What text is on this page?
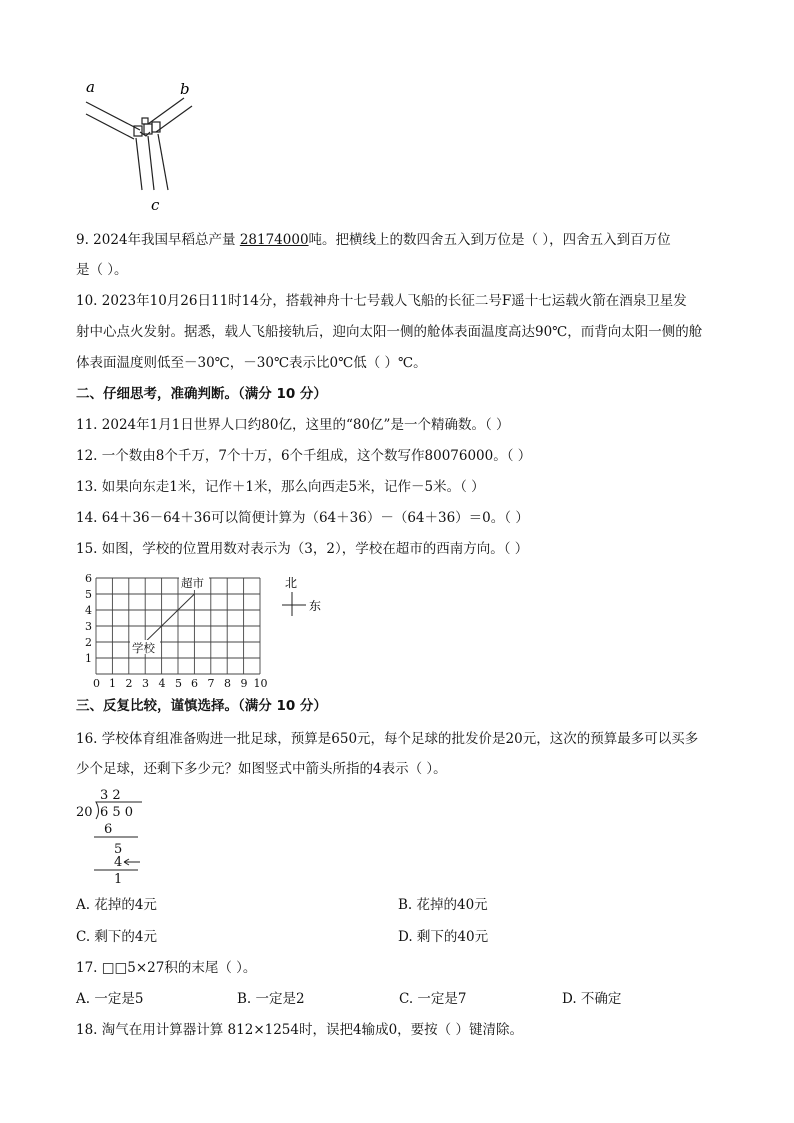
a	b
c
9. 2024年我国早稻总产量 28174000吨。把横线上的数四舍五入到万位是（ ），四舍五入到百万位
是（ ）。
10. 2023年10月26日11时14分，搭载神舟十七号载人飞船的长征二号F遥十七运载火箭在酒泉卫星发
射中心点火发射。据悉，载人飞船接轨后，迎向太阳一侧的舱体表面温度高达90℃，而背向太阳一侧的舱
体表面温度则低至－30℃，－30℃表示比0℃低（ ）℃。
二、仔细思考，准确判断。（满分 10 分）
11. 2024年1月1日世界人口约80亿，这里的“80亿”是一个精确数。（ ）
12. 一个数由8个千万，7个十万，6个千组成，这个数写作80076000。（ ）
13. 如果向东走1米，记作＋1米，那么向西走5米，记作－5米。（ ）
14. 64＋36－64＋36可以简便计算为（64＋36）－（64＋36）＝0。（ ）
15. 如图，学校的位置用数对表示为（3，2），学校在超市的西南方向。（ ）
0 1 2 3 4 5 6 7 8 9 10
1
2
3
4
5
6	超市
学校
北
东
三、反复比较，谨慎选择。（满分 10 分）
16. 学校体育组准备购进一批足球，预算是650元，每个足球的批发价是20元，这次的预算最多可以买多
少个足球，还剩下多少元？如图竖式中箭头所指的4表示（ ）。
3 2
20 6 5 0
6
5
4
1
A. 花掉的4元	B. 花掉的40元
C. 剩下的4元	D. 剩下的40元
17. □□5×27积的末尾（ ）。
A. 一定是5	B. 一定是2	C. 一定是7	D. 不确定
18. 淘气在用计算器计算 812×1254时，误把4输成0，要按（ ）键清除。
